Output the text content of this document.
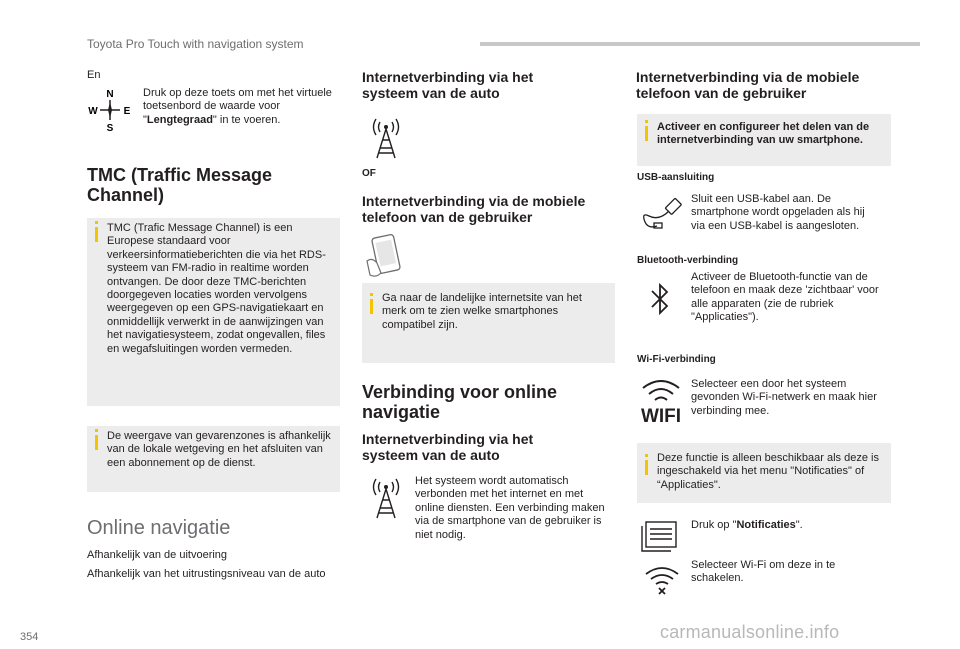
Toyota Pro Touch with navigation system
En
N
W	E
S
Druk op deze toets om met het virtuele toetsenbord de waarde voor "Lengtegraad" in te voeren.
TMC (Traffic Message Channel)
TMC (Trafic Message Channel) is een Europese standaard voor verkeersinformatieberichten die via het RDS-systeem van FM-radio in realtime worden ontvangen. De door deze TMC-berichten doorgegeven locaties worden vervolgens weergegeven op een GPS-navigatiekaart en onmiddellijk verwerkt in de aanwijzingen van het navigatiesysteem, zodat ongevallen, files en wegafsluitingen worden vermeden.
De weergave van gevarenzones is afhankelijk van de lokale wetgeving en het afsluiten van een abonnement op de dienst.
Online navigatie
Afhankelijk van de uitvoering
Afhankelijk van het uitrustingsniveau van de auto
Internetverbinding via het systeem van de auto
OF
Internetverbinding via de mobiele telefoon van de gebruiker
Ga naar de landelijke internetsite van het merk om te zien welke smartphones compatibel zijn.
Verbinding voor online navigatie
Internetverbinding via het systeem van de auto
Het systeem wordt automatisch verbonden met het internet en met online diensten. Een verbinding maken via de smartphone van de gebruiker is niet nodig.
Internetverbinding via de mobiele telefoon van de gebruiker
Activeer en configureer het delen van de internetverbinding van uw smartphone.
USB-aansluiting
Sluit een USB-kabel aan. De smartphone wordt opgeladen als hij via een USB-kabel is aangesloten.
Bluetooth-verbinding
Activeer de Bluetooth-functie van de telefoon en maak deze 'zichtbaar' voor alle apparaten (zie de rubriek "Applicaties").
Wi-Fi-verbinding
WIFI
Selecteer een door het systeem gevonden Wi-Fi-netwerk en maak hier verbinding mee.
Deze functie is alleen beschikbaar als deze is ingeschakeld via het menu "Notificaties" of “Applicaties".
Druk op "Notificaties".
Selecteer Wi-Fi om deze in te schakelen.
354	carmanualsonline.info
